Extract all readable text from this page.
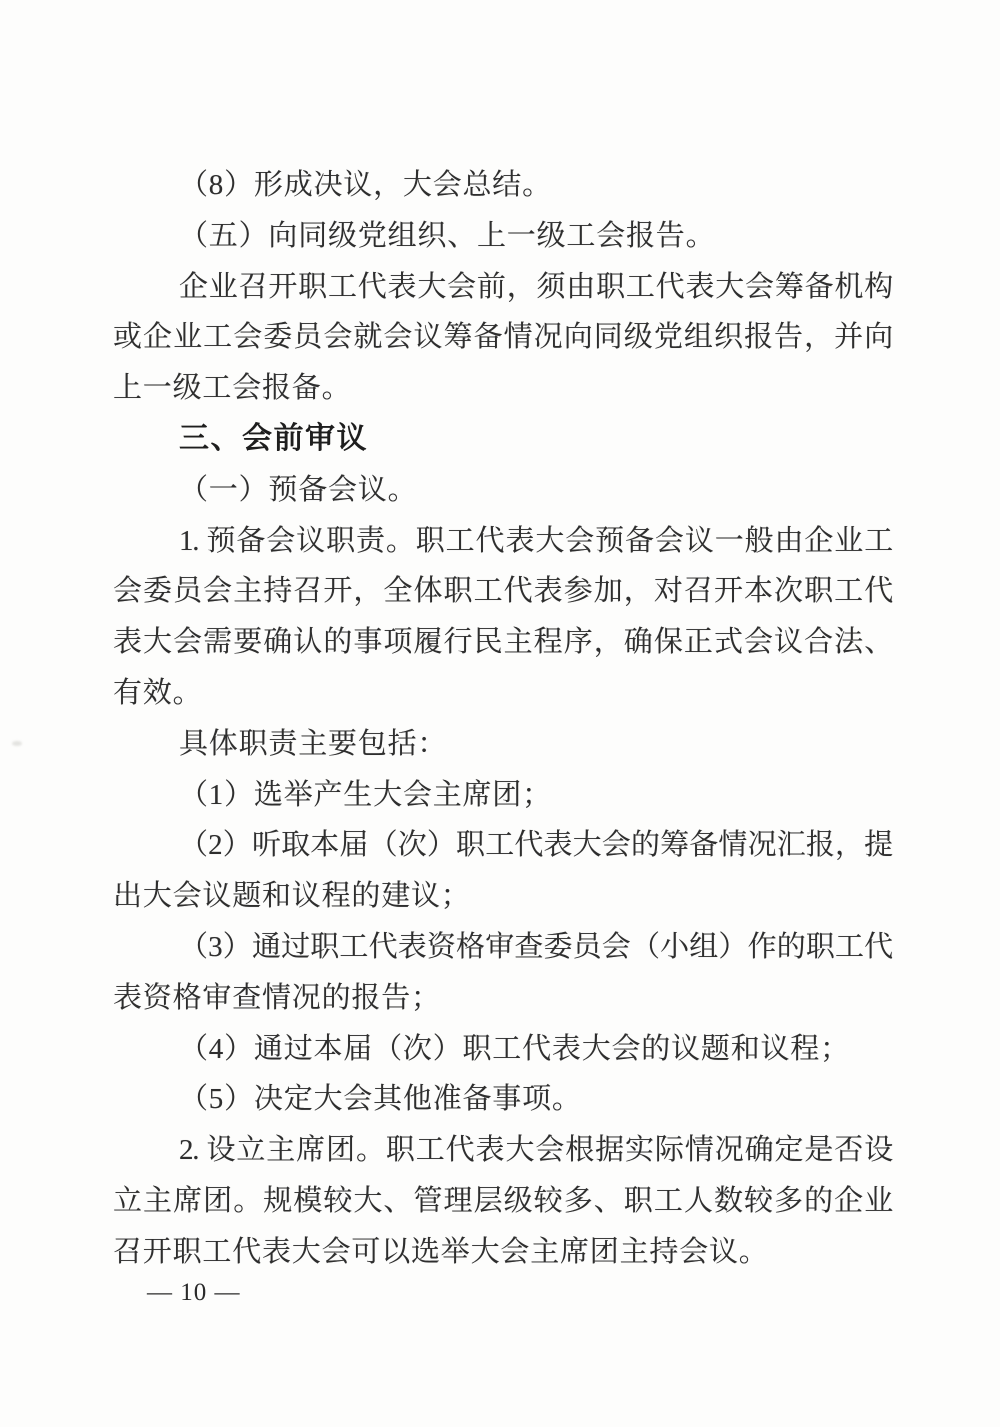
（8）形成决议，大会总结。
（五）向同级党组织、上一级工会报告。
企业召开职工代表大会前，须由职工代表大会筹备机构
或企业工会委员会就会议筹备情况向同级党组织报告，并向
上一级工会报备。
三、会前审议
（一）预备会议。
1. 预备会议职责。职工代表大会预备会议一般由企业工
会委员会主持召开，全体职工代表参加，对召开本次职工代
表大会需要确认的事项履行民主程序，确保正式会议合法、
有效。
具体职责主要包括：
（1）选举产生大会主席团；
（2）听取本届（次）职工代表大会的筹备情况汇报，提
出大会议题和议程的建议；
（3）通过职工代表资格审查委员会（小组）作的职工代
表资格审查情况的报告；
（4）通过本届（次）职工代表大会的议题和议程；
（5）决定大会其他准备事项。
2. 设立主席团。职工代表大会根据实际情况确定是否设
立主席团。规模较大、管理层级较多、职工人数较多的企业
召开职工代表大会可以选举大会主席团主持会议。
— 10 —
